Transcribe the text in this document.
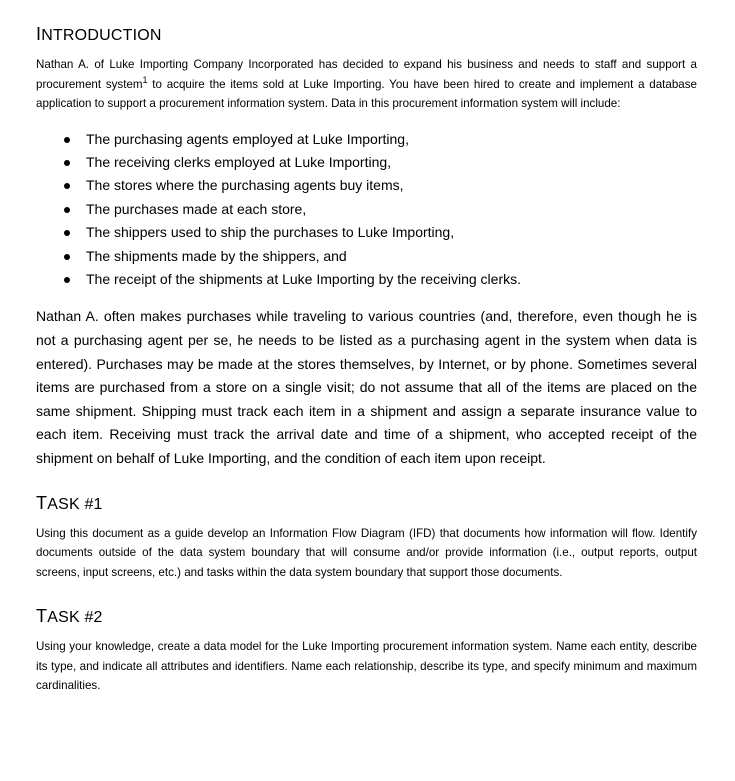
INTRODUCTION

Nathan A. of Luke Importing Company Incorporated has decided to expand his business and needs to staff and support a procurement system$^1$ to acquire the items sold at Luke Importing. You have been hired to create and implement a database application to support a procurement information system. Data in this procurement information system will include:

The purchasing agents employed at Luke Importing,
The receiving clerks employed at Luke Importing,
The stores where the purchasing agents buy items,
The purchases made at each store,
The shippers used to ship the purchases to Luke Importing,
The shipments made by the shippers, and
The receipt of the shipments at Luke Importing by the receiving clerks.

Nathan A. often makes purchases while traveling to various countries (and, therefore, even though he is not a purchasing agent per se, he needs to be listed as a purchasing agent in the system when data is entered). Purchases may be made at the stores themselves, by Internet, or by phone. Sometimes several items are purchased from a store on a single visit; do not assume that all of the items are placed on the same shipment. Shipping must track each item in a shipment and assign a separate insurance value to each item. Receiving must track the arrival date and time of a shipment, who accepted receipt of the shipment on behalf of Luke Importing, and the condition of each item upon receipt.

TASK #1

Using this document as a guide develop an Information Flow Diagram (IFD) that documents how information will flow. Identify documents outside of the data system boundary that will consume and/or provide information (i.e., output reports, output screens, input screens, etc.) and tasks within the data system boundary that support those documents.

TASK #2

Using your knowledge, create a data model for the Luke Importing procurement information system. Name each entity, describe its type, and indicate all attributes and identifiers. Name each relationship, describe its type, and specify minimum and maximum cardinalities.
